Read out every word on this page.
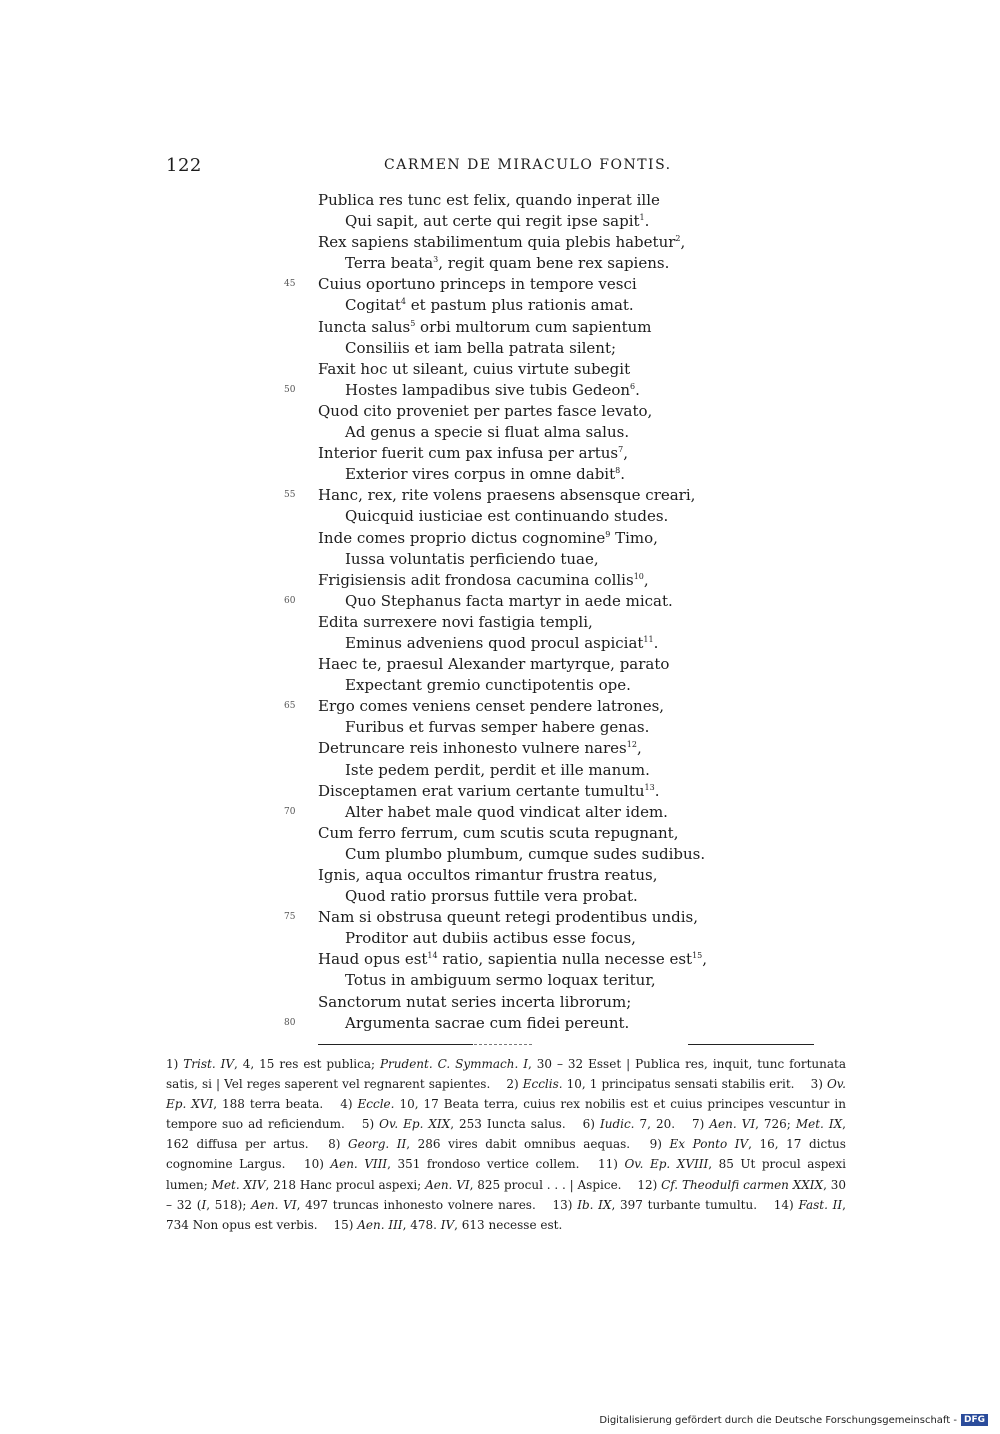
122	CARMEN DE MIRACULO FONTIS.
Publica res tunc est felix, quando inperat ille
Qui sapit, aut certe qui regit ipse sapit$^1$.
Rex sapiens stabilimentum quia plebis habetur$^2$,
Terra beata$^3$, regit quam bene rex sapiens.
45 Cuius oportuno princeps in tempore vesci
Cogitat$^4$ et pastum plus rationis amat.
Iuncta salus$^5$ orbi multorum cum sapientum
Consiliis et iam bella patrata silent;
Faxit hoc ut sileant, cuius virtute subegit
50	Hostes lampadibus sive tubis Gedeon$^6$.
Quod cito proveniet per partes fasce levato,
Ad genus a specie si fluat alma salus.
Interior fuerit cum pax infusa per artus$^7$,
Exterior vires corpus in omne dabit$^8$.
55 Hanc, rex, rite volens praesens absensque creari,
Quicquid iusticiae est continuando studes.
Inde comes proprio dictus cognomine$^9$ Timo,
Iussa voluntatis perficiendo tuae,
Frigisiensis adit frondosa cacumina collis$^{10}$,
60	Quo Stephanus facta martyr in aede micat.
Edita surrexere novi fastigia templi,
Eminus adveniens quod procul aspiciat$^{11}$.
Haec te, praesul Alexander martyrque, parato
Expectant gremio cunctipotentis ope.
65 Ergo comes veniens censet pendere latrones,
Furibus et furvas semper habere genas.
Detruncare reis inhonesto vulnere nares$^{12}$,
Iste pedem perdit, perdit et ille manum.
Disceptamen erat varium certante tumultu$^{13}$.
70	Alter habet male quod vindicat alter idem.
Cum ferro ferrum, cum scutis scuta repugnant,
Cum plumbo plumbum, cumque sudes sudibus.
Ignis, aqua occultos rimantur frustra reatus,
Quod ratio prorsus futtile vera probat.
75 Nam si obstrusa queunt retegi prodentibus undis,
Proditor aut dubiis actibus esse focus,
Haud opus est$^{14}$ ratio, sapientia nulla necesse est$^{15}$,
Totus in ambiguum sermo loquax teritur,
Sanctorum nutat series incerta librorum;
80	Argumenta sacrae cum fidei pereunt.
1) Trist. IV, 4, 15 res est publica; Prudent. C. Symmach. I, 30 – 32 Esset | Publica res, inquit, tunc fortunata satis, si | Vel reges saperent vel regnarent sapientes.  2) Ecclis. 10, 1 principatus sensati stabilis erit.  3) Ov. Ep. XVI, 188 terra beata.  4) Eccle. 10, 17 Beata terra, cuius rex nobilis est et cuius principes vescuntur in tempore suo ad reficiendum.  5) Ov. Ep. XIX, 253 Iuncta salus.  6) Iudic. 7, 20.  7) Aen. VI, 726; Met. IX, 162 diffusa per artus.  8) Georg. II, 286 vires dabit omnibus aequas.  9) Ex Ponto IV, 16, 17 dictus cognomine Largus.  10) Aen. VIII, 351 frondoso vertice collem.  11) Ov. Ep. XVIII, 85 Ut procul aspexi lumen; Met. XIV, 218 Hanc procul aspexi; Aen. VI, 825 procul . . . | Aspice.  12) Cf. Theodulfi carmen XXIX, 30 – 32 (I, 518); Aen. VI, 497 truncas inhonesto volnere nares.  13) Ib. IX, 397 turbante tumultu.  14) Fast. II, 734 Non opus est verbis.  15) Aen. III, 478. IV, 613 necesse est. 
Digitalisierung gefördert durch die Deutsche Forschungsgemeinschaft - DFG
